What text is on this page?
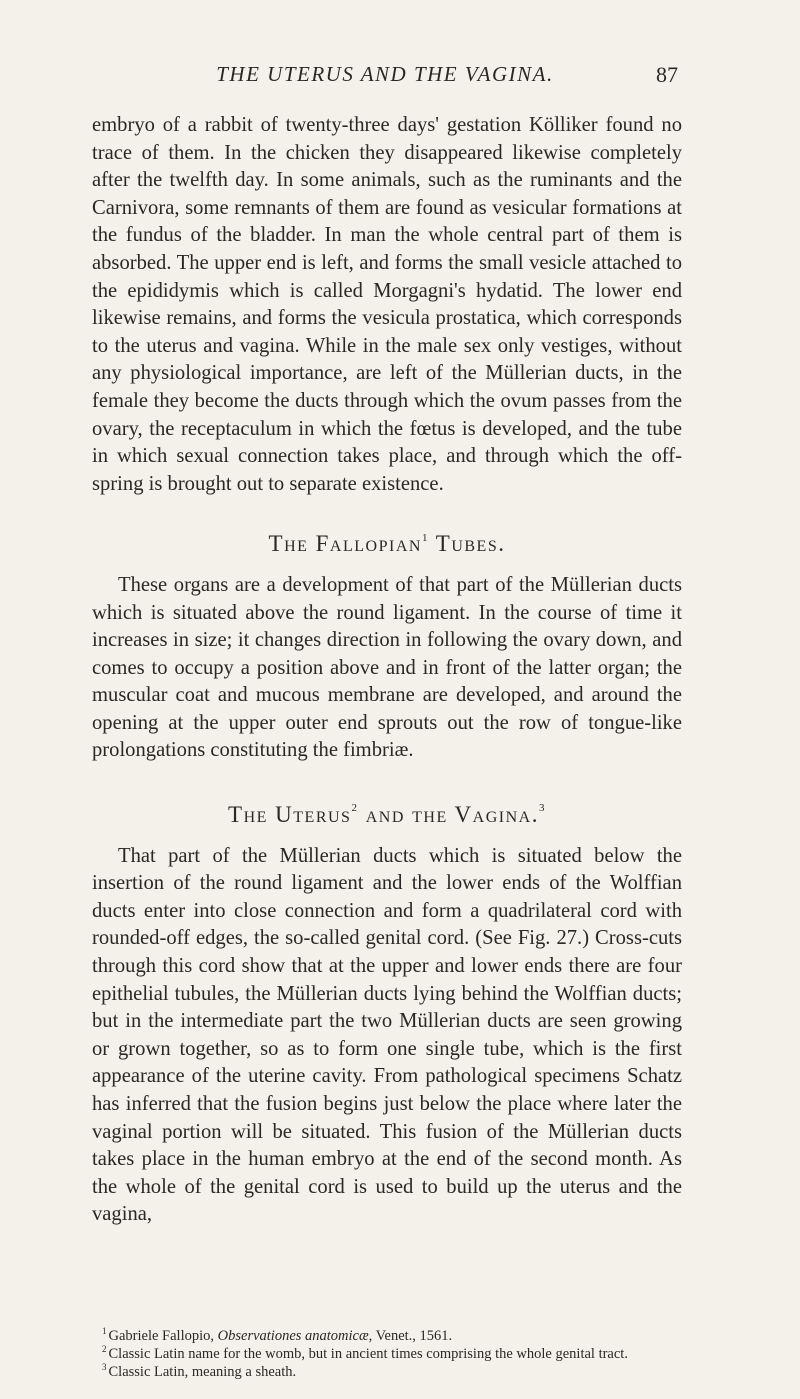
THE UTERUS AND THE VAGINA.	87

embryo of a rabbit of twenty-three days' gestation Kölliker found no trace of them. In the chicken they disappeared likewise completely after the twelfth day. In some animals, such as the ruminants and the Carnivora, some remnants of them are found as vesicular formations at the fundus of the bladder. In man the whole central part of them is absorbed. The upper end is left, and forms the small vesicle attached to the epididymis which is called Morgagni's hydatid. The lower end likewise remains, and forms the vesicula prostatica, which corresponds to the uterus and vagina. While in the male sex only vestiges, without any physiological importance, are left of the Müllerian ducts, in the female they become the ducts through which the ovum passes from the ovary, the receptaculum in which the fœtus is developed, and the tube in which sexual connection takes place, and through which the off-spring is brought out to separate existence.

The Fallopian$^1$ Tubes.

These organs are a development of that part of the Müllerian ducts which is situated above the round ligament. In the course of time it increases in size; it changes direction in following the ovary down, and comes to occupy a position above and in front of the latter organ; the muscular coat and mucous membrane are developed, and around the opening at the upper outer end sprouts out the row of tongue-like prolongations constituting the fimbriæ.

The Uterus$^2$ and the Vagina.$^3$

That part of the Müllerian ducts which is situated below the insertion of the round ligament and the lower ends of the Wolffian ducts enter into close connection and form a quadrilateral cord with rounded-off edges, the so-called genital cord. (See Fig. 27.) Cross-cuts through this cord show that at the upper and lower ends there are four epithelial tubules, the Müllerian ducts lying behind the Wolffian ducts; but in the intermediate part the two Müllerian ducts are seen growing or grown together, so as to form one single tube, which is the first appearance of the uterine cavity. From pathological specimens Schatz has inferred that the fusion begins just below the place where later the vaginal portion will be situated. This fusion of the Müllerian ducts takes place in the human embryo at the end of the second month. As the whole of the genital cord is used to build up the uterus and the vagina,

$^1$ Gabriele Fallopio, Observationes anatomicæ, Venet., 1561.

$^2$ Classic Latin name for the womb, but in ancient times comprising the whole genital tract.

$^3$ Classic Latin, meaning a sheath.
